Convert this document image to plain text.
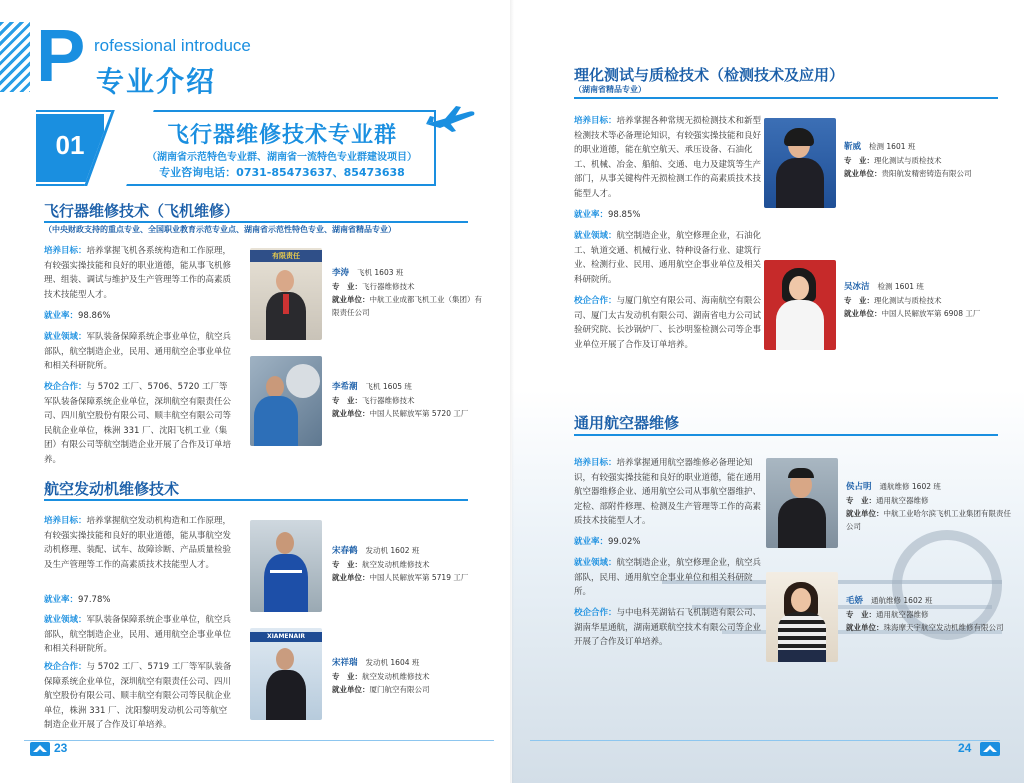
P rofessional introduce
专业介绍
01	飞行器维修技术专业群
（湖南省示范特色专业群、湖南省一流特色专业群建设项目）
专业咨询电话：0731-85473637、85473638
飞行器维修技术（飞机维修）
（中央财政支持的重点专业、全国职业教育示范专业点、湖南省示范性特色专业、湖南省精品专业）
培养目标：培养掌握飞机各系统构造和工作原理，有较强实操技能和良好的职业道德，能从事飞机修理、组装、调试与维护及生产管理等工作的高素质技术技能型人才。
就业率：98.86%
就业领域：军队装备保障系统企事业单位，航空兵部队，航空制造企业，民用、通用航空企事业单位和相关科研院所。
校企合作：与 5702 工厂、5706、5720 工厂等军队装备保障系统企业单位，深圳航空有限责任公司、四川航空股份有限公司、顺丰航空有限公司等民航企业单位，株洲 331 厂、沈阳飞机工业（集团）有限公司等航空制造企业开展了合作及订单培养。
有限责任
李涛 飞机 1603 班
专　业：飞行器维修技术
就业单位：中航工业成都飞机工业（集团）有限责任公司
李希潮 飞机 1605 班
专　业：飞行器维修技术
就业单位：中国人民解放军第 5720 工厂
航空发动机维修技术
培养目标：培养掌握航空发动机构造和工作原理，有较强实操技能和良好的职业道德，能从事航空发动机修理、装配、试车、故障诊断、产品质量检验及生产管理等工作的高素质技术技能型人才。
就业率：97.78%
就业领域：军队装备保障系统企事业单位，航空兵部队，航空制造企业，民用、通用航空企事业单位和相关科研院所。
校企合作：与 5702 工厂、5719 工厂等军队装备保障系统企业单位，深圳航空有限责任公司、四川航空股份有限公司、顺丰航空有限公司等民航企业单位，株洲 331 厂、沈阳黎明发动机公司等航空制造企业开展了合作及订单培养。
宋春鹤 发动机 1602 班
专　业：航空发动机维修技术
就业单位：中国人民解放军第 5719 工厂
XIAMENAIR
宋祥瑞 发动机 1604 班
专　业：航空发动机维修技术
就业单位：厦门航空有限公司
23
理化测试与质检技术（检测技术及应用）
（湖南省精品专业）
培养目标：培养掌握各种常规无损检测技术和新型检测技术等必备理论知识，有较强实操技能和良好的职业道德，能在航空航天、承压设备、石油化工、机械、冶金、船舶、交通、电力及建筑等生产部门，从事关键构件无损检测工作的高素质技术技能型人才。
就业率：98.85%
就业领域：航空制造企业，航空修理企业，石油化工、轨道交通、机械行业、特种设备行业、建筑行业、检测行业、民用、通用航空企事业单位及相关科研院所。
校企合作：与厦门航空有限公司、海南航空有限公司、厦门太古发动机有限公司、湖南省电力公司试验研究院、长沙锅炉厂、长沙明鉴检测公司等企事业单位开展了合作及订单培养。
靳威 检测 1601 班
专　业：理化测试与质检技术
就业单位：贵阳航发精密铸造有限公司
吴冰洁 检测 1601 班
专　业：理化测试与质检技术
就业单位：中国人民解放军第 6908 工厂
通用航空器维修
培养目标：培养掌握通用航空器维修必备理论知识，有较强实操技能和良好的职业道德，能在通用航空器维修企业、通用航空公司从事航空器维护、定检、部附件修理、检测及生产管理等工作的高素质技术技能型人才。
就业率：99.02%
就业领域：航空制造企业，航空修理企业，航空兵部队，民用、通用航空企事业单位和相关科研院所。
校企合作：与中电科芜湖钻石飞机制造有限公司、湖南华星通航，湖南通联航空技术有限公司等企业开展了合作及订单培养。
侯占明 通航维修 1602 班
专　业：通用航空器维修
就业单位：中航工业哈尔滨飞机工业集团有限责任公司
毛娇 通航维修 1602 班
专　业：通用航空器维修
就业单位：珠海摩天宇航空发动机维修有限公司
24
